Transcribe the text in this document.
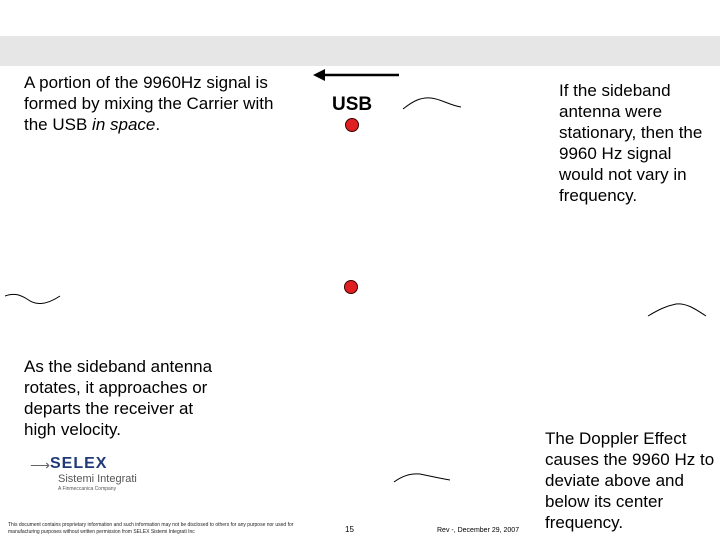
A portion of the 9960Hz signal is formed by mixing the Carrier with the USB in space.
USB
If the sideband antenna were stationary, then the 9960 Hz signal would not vary in frequency.
As the sideband antenna rotates, it approaches or departs the receiver at high velocity.	The Doppler Effect causes the 9960 Hz to deviate above and below its center frequency.
⟶ SELEX
Sistemi Integrati
A Finmeccanica Company
This document contains proprietary information and such information may not be disclosed to others for any purpose nor used for manufacturing purposes without written permission from SELEX Sistemi Integrati Inc	15	Rev -, December 29, 2007
